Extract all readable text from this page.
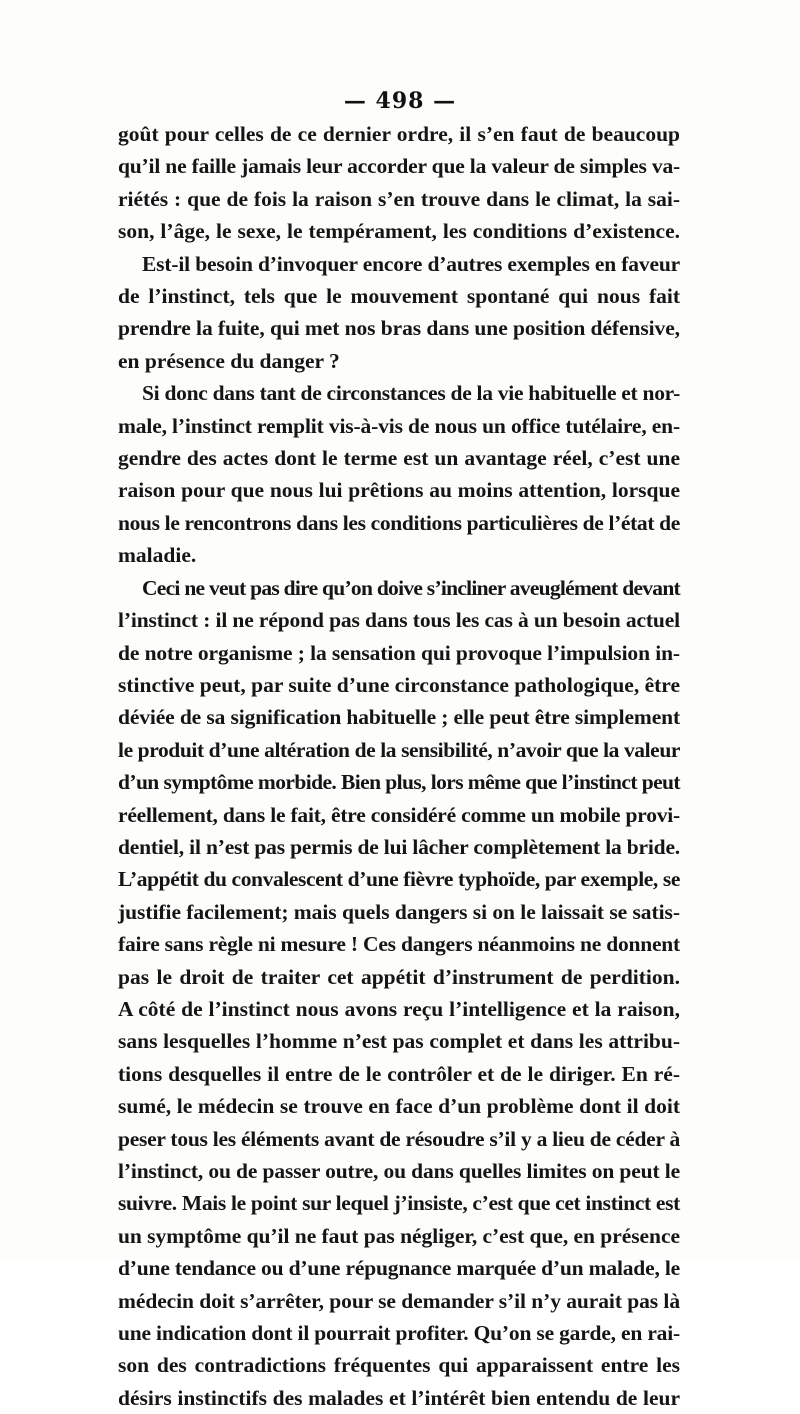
— 498 —

goût pour celles de ce dernier ordre, il s’en faut de beaucoup
qu’il ne faille jamais leur accorder que la valeur de simples va-
riétés : que de fois la raison s’en trouve dans le climat, la sai-
son, l’âge, le sexe, le tempérament, les conditions d’existence.

Est-il besoin d’invoquer encore d’autres exemples en faveur
de l’instinct, tels que le mouvement spontané qui nous fait
prendre la fuite, qui met nos bras dans une position défensive,
en présence du danger ?

Si donc dans tant de circonstances de la vie habituelle et nor-
male, l’instinct remplit vis-à-vis de nous un office tutélaire, en-
gendre des actes dont le terme est un avantage réel, c’est une
raison pour que nous lui prêtions au moins attention, lorsque
nous le rencontrons dans les conditions particulières de l’état de
maladie.

Ceci ne veut pas dire qu’on doive s’incliner aveuglément devant
l’instinct : il ne répond pas dans tous les cas à un besoin actuel
de notre organisme ; la sensation qui provoque l’impulsion in-
stinctive peut, par suite d’une circonstance pathologique, être
déviée de sa signification habituelle ; elle peut être simplement
le produit d’une altération de la sensibilité, n’avoir que la valeur
d’un symptôme morbide. Bien plus, lors même que l’instinct peut
réellement, dans le fait, être considéré comme un mobile provi-
dentiel, il n’est pas permis de lui lâcher complètement la bride.
L’appétit du convalescent d’une fièvre typhoïde, par exemple, se
justifie facilement; mais quels dangers si on le laissait se satis-
faire sans règle ni mesure ! Ces dangers néanmoins ne donnent
pas le droit de traiter cet appétit d’instrument de perdition.
A côté de l’instinct nous avons reçu l’intelligence et la raison,
sans lesquelles l’homme n’est pas complet et dans les attribu-
tions desquelles il entre de le contrôler et de le diriger. En ré-
sumé, le médecin se trouve en face d’un problème dont il doit
peser tous les éléments avant de résoudre s’il y a lieu de céder à
l’instinct, ou de passer outre, ou dans quelles limites on peut le
suivre. Mais le point sur lequel j’insiste, c’est que cet instinct est
un symptôme qu’il ne faut pas négliger, c’est que, en présence
d’une tendance ou d’une répugnance marquée d’un malade, le
médecin doit s’arrêter, pour se demander s’il n’y aurait pas là
une indication dont il pourrait profiter. Qu’on se garde, en rai-
son des contradictions fréquentes qui apparaissent entre les
désirs instinctifs des malades et l’intérêt bien entendu de leur
